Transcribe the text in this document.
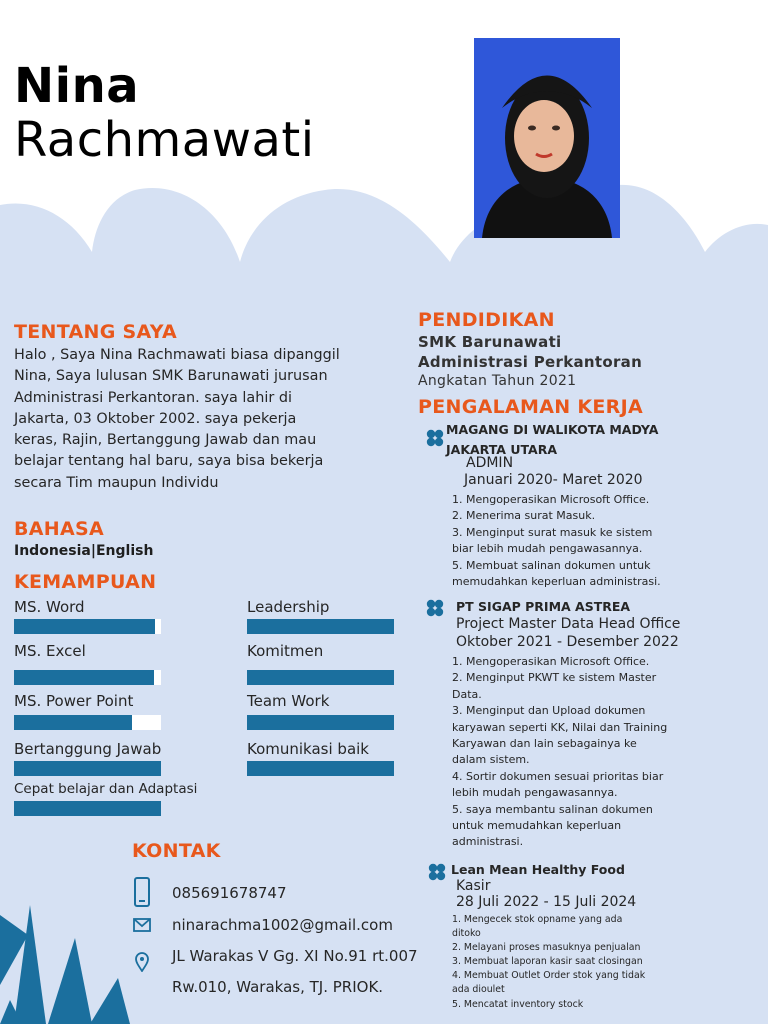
Nina
Rachmawati
TENTANG SAYA
Halo , Saya Nina Rachmawati biasa dipanggil Nina, Saya lulusan SMK Barunawati jurusan Administrasi Perkantoran. saya lahir di Jakarta, 03 Oktober 2002. saya pekerja keras, Rajin, Bertanggung Jawab dan mau belajar tentang hal baru, saya bisa bekerja secara Tim maupun Individu
BAHASA
Indonesia|English
KEMAMPUAN
MS. Word	Leadership
MS. Excel	Komitmen
MS. Power Point	Team Work
Bertanggung Jawab	Komunikasi baik
Cepat belajar dan Adaptasi
KONTAK
085691678747
ninarachma1002@gmail.com
JL Warakas V Gg. XI No.91 rt.007
Rw.010, Warakas, TJ. PRIOK.
PENDIDIKAN
SMK Barunawati
Administrasi Perkantoran
Angkatan Tahun 2021
PENGALAMAN KERJA
MAGANG DI WALIKOTA MADYA
JAKARTA UTARA
ADMIN
Januari 2020- Maret 2020
1. Mengoperasikan Microsoft Office.
2. Menerima surat Masuk.
3. Menginput surat masuk ke sistem
biar lebih mudah pengawasannya.
5. Membuat salinan dokumen untuk
memudahkan keperluan administrasi.
PT SIGAP PRIMA ASTREA
Project Master Data Head Office
Oktober 2021 - Desember 2022
1. Mengoperasikan Microsoft Office.
2. Menginput PKWT ke sistem Master
Data.
3. Menginput dan Upload dokumen
karyawan seperti KK, Nilai dan Training
Karyawan dan lain sebagainya ke
dalam sistem.
4. Sortir dokumen sesuai prioritas biar
lebih mudah pengawasannya.
5. saya membantu salinan dokumen
untuk memudahkan keperluan
administrasi.
Lean Mean Healthy Food
Kasir
28 Juli 2022 - 15 Juli 2024
1. Mengecek stok opname yang ada
ditoko
2. Melayani proses masuknya penjualan
3. Membuat laporan kasir saat closingan
4. Membuat Outlet Order stok yang tidak
ada dioulet
5. Mencatat inventory stock
